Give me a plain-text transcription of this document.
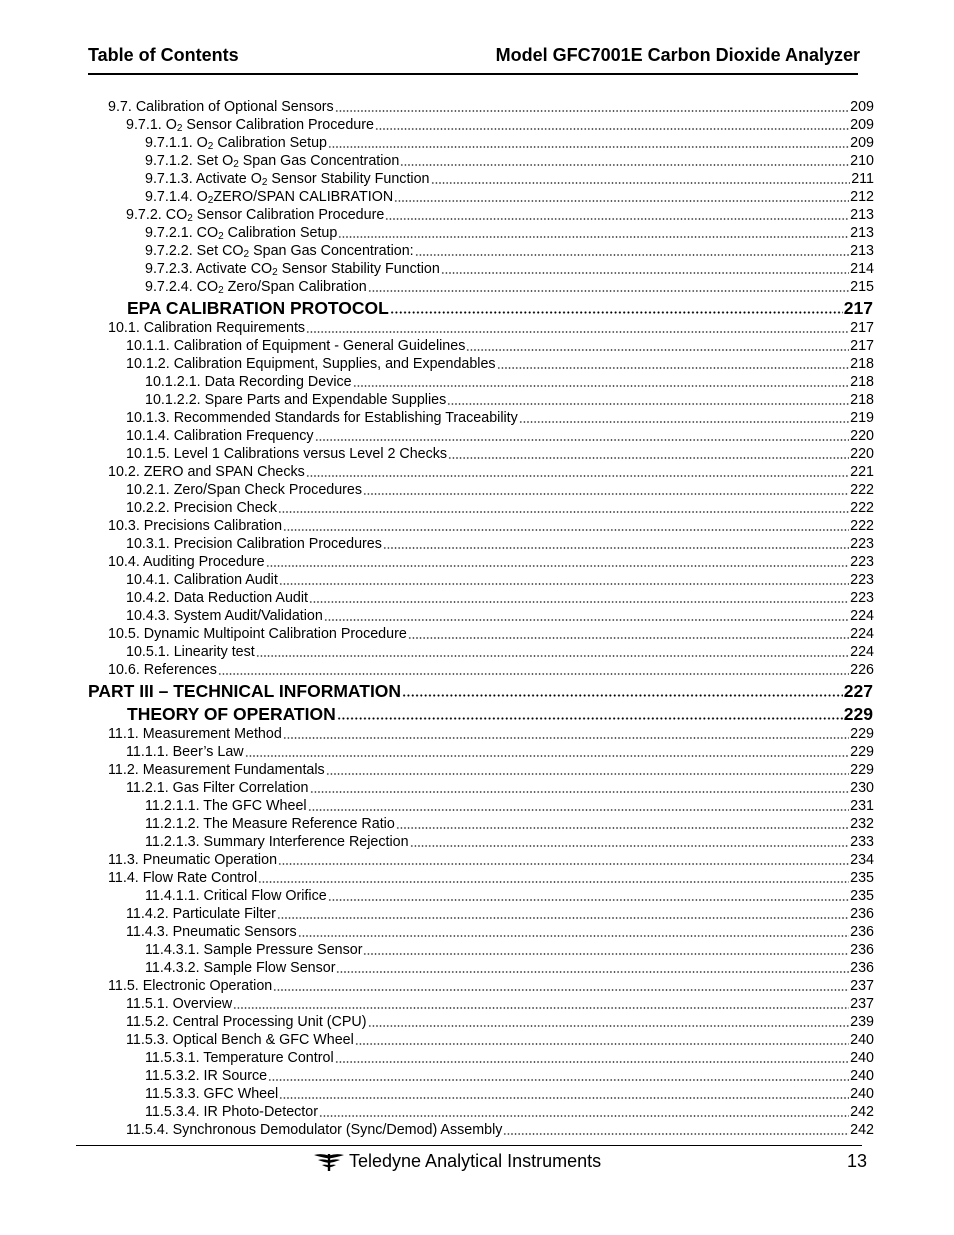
Table of Contents	Model GFC7001E Carbon Dioxide Analyzer
9.7. Calibration of Optional Sensors	209
9.7.1. $O_2$ Sensor Calibration Procedure	209
9.7.1.1. $O_2$ Calibration Setup	209
9.7.1.2. Set $O_2$ Span Gas Concentration	210
9.7.1.3. Activate $O_2$ Sensor Stability Function	211
9.7.1.4. $O_2ZERO$/SPAN CALIBRATION	212
9.7.2. $CO_2$ Sensor Calibration Procedure	213
9.7.2.1. $CO_2$ Calibration Setup	213
9.7.2.2. Set $CO_2$ Span Gas Concentration:	213
9.7.2.3. Activate $CO_2$ Sensor Stability Function	214
9.7.2.4. $CO_2$ Zero/Span Calibration	215
EPA CALIBRATION PROTOCOL	217
10.1. Calibration Requirements	217
10.1.1. Calibration of Equipment - General Guidelines	217
10.1.2. Calibration Equipment, Supplies, and Expendables	218
10.1.2.1. Data Recording Device	218
10.1.2.2. Spare Parts and Expendable Supplies	218
10.1.3. Recommended Standards for Establishing Traceability	219
10.1.4. Calibration Frequency	220
10.1.5. Level 1 Calibrations versus Level 2 Checks	220
10.2. ZERO and SPAN Checks	221
10.2.1. Zero/Span Check Procedures	222
10.2.2. Precision Check	222
10.3. Precisions Calibration	222
10.3.1. Precision Calibration Procedures	223
10.4. Auditing Procedure	223
10.4.1. Calibration Audit	223
10.4.2. Data Reduction Audit	223
10.4.3. System Audit/Validation	224
10.5. Dynamic Multipoint Calibration Procedure	224
10.5.1. Linearity test	224
10.6. References	226
PART III – TECHNICAL INFORMATION	227
THEORY OF OPERATION	229
11.1. Measurement Method	229
11.1.1. Beer’s Law	229
11.2. Measurement Fundamentals	229
11.2.1. Gas Filter Correlation	230
11.2.1.1. The GFC Wheel	231
11.2.1.2. The Measure Reference Ratio	232
11.2.1.3. Summary Interference Rejection	233
11.3. Pneumatic Operation	234
11.4. Flow Rate Control	235
11.4.1.1. Critical Flow Orifice	235
11.4.2. Particulate Filter	236
11.4.3. Pneumatic Sensors	236
11.4.3.1. Sample Pressure Sensor	236
11.4.3.2. Sample Flow Sensor	236
11.5. Electronic Operation	237
11.5.1. Overview	237
11.5.2. Central Processing Unit (CPU)	239
11.5.3. Optical Bench & GFC Wheel	240
11.5.3.1. Temperature Control	240
11.5.3.2. IR Source	240
11.5.3.3. GFC Wheel	240
11.5.3.4. IR Photo-Detector	242
11.5.4. Synchronous Demodulator (Sync/Demod) Assembly	242
Teledyne Analytical Instruments	13
